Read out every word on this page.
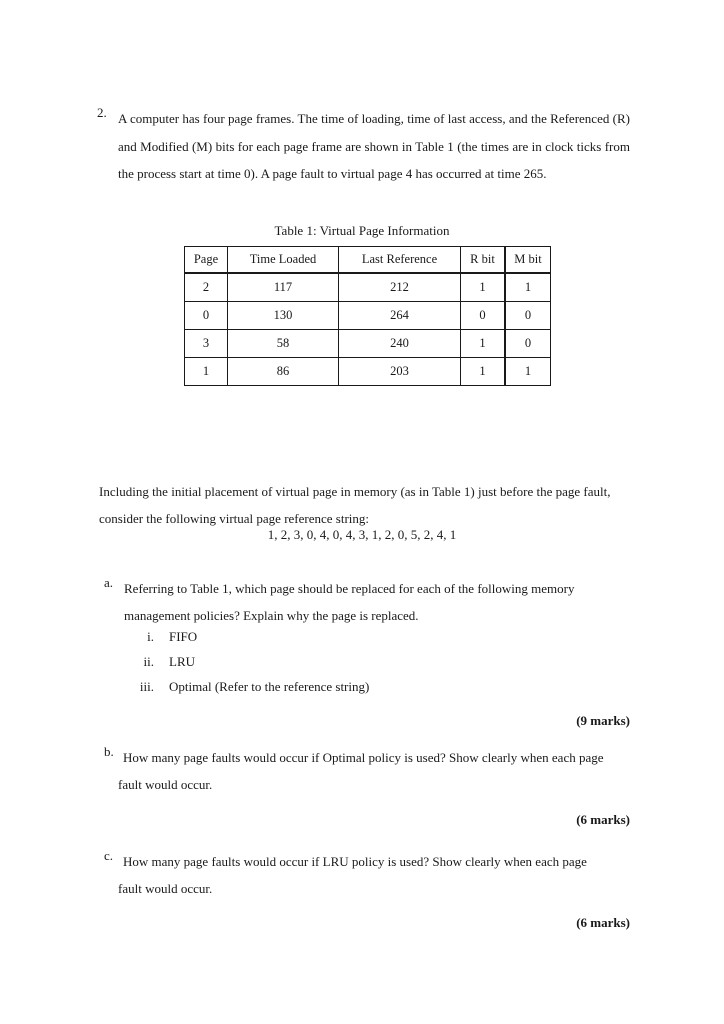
2. A computer has four page frames. The time of loading, time of last access, and the Referenced (R) and Modified (M) bits for each page frame are shown in Table 1 (the times are in clock ticks from the process start at time 0). A page fault to virtual page 4 has occurred at time 265.

Table 1: Virtual Page Information
Page	Time Loaded	Last Reference	R bit	M bit
2	117	212	1	1
0	130	264	0	0
3	58	240	1	0
1	86	203	1	1

Including the initial placement of virtual page in memory (as in Table 1) just before the page fault, consider the following virtual page reference string:

1, 2, 3, 0, 4, 0, 4, 3, 1, 2, 0, 5, 2, 4, 1
a. Referring to Table 1, which page should be replaced for each of the following memory management policies? Explain why the page is replaced.

i. FIFO
ii. LRU
iii. Optimal (Refer to the reference string)
(9 marks)
b. How many page faults would occur if Optimal policy is used? Show clearly when each page fault would occur.

(6 marks)
c. How many page faults would occur if LRU policy is used? Show clearly when each page fault would occur.

(6 marks)
